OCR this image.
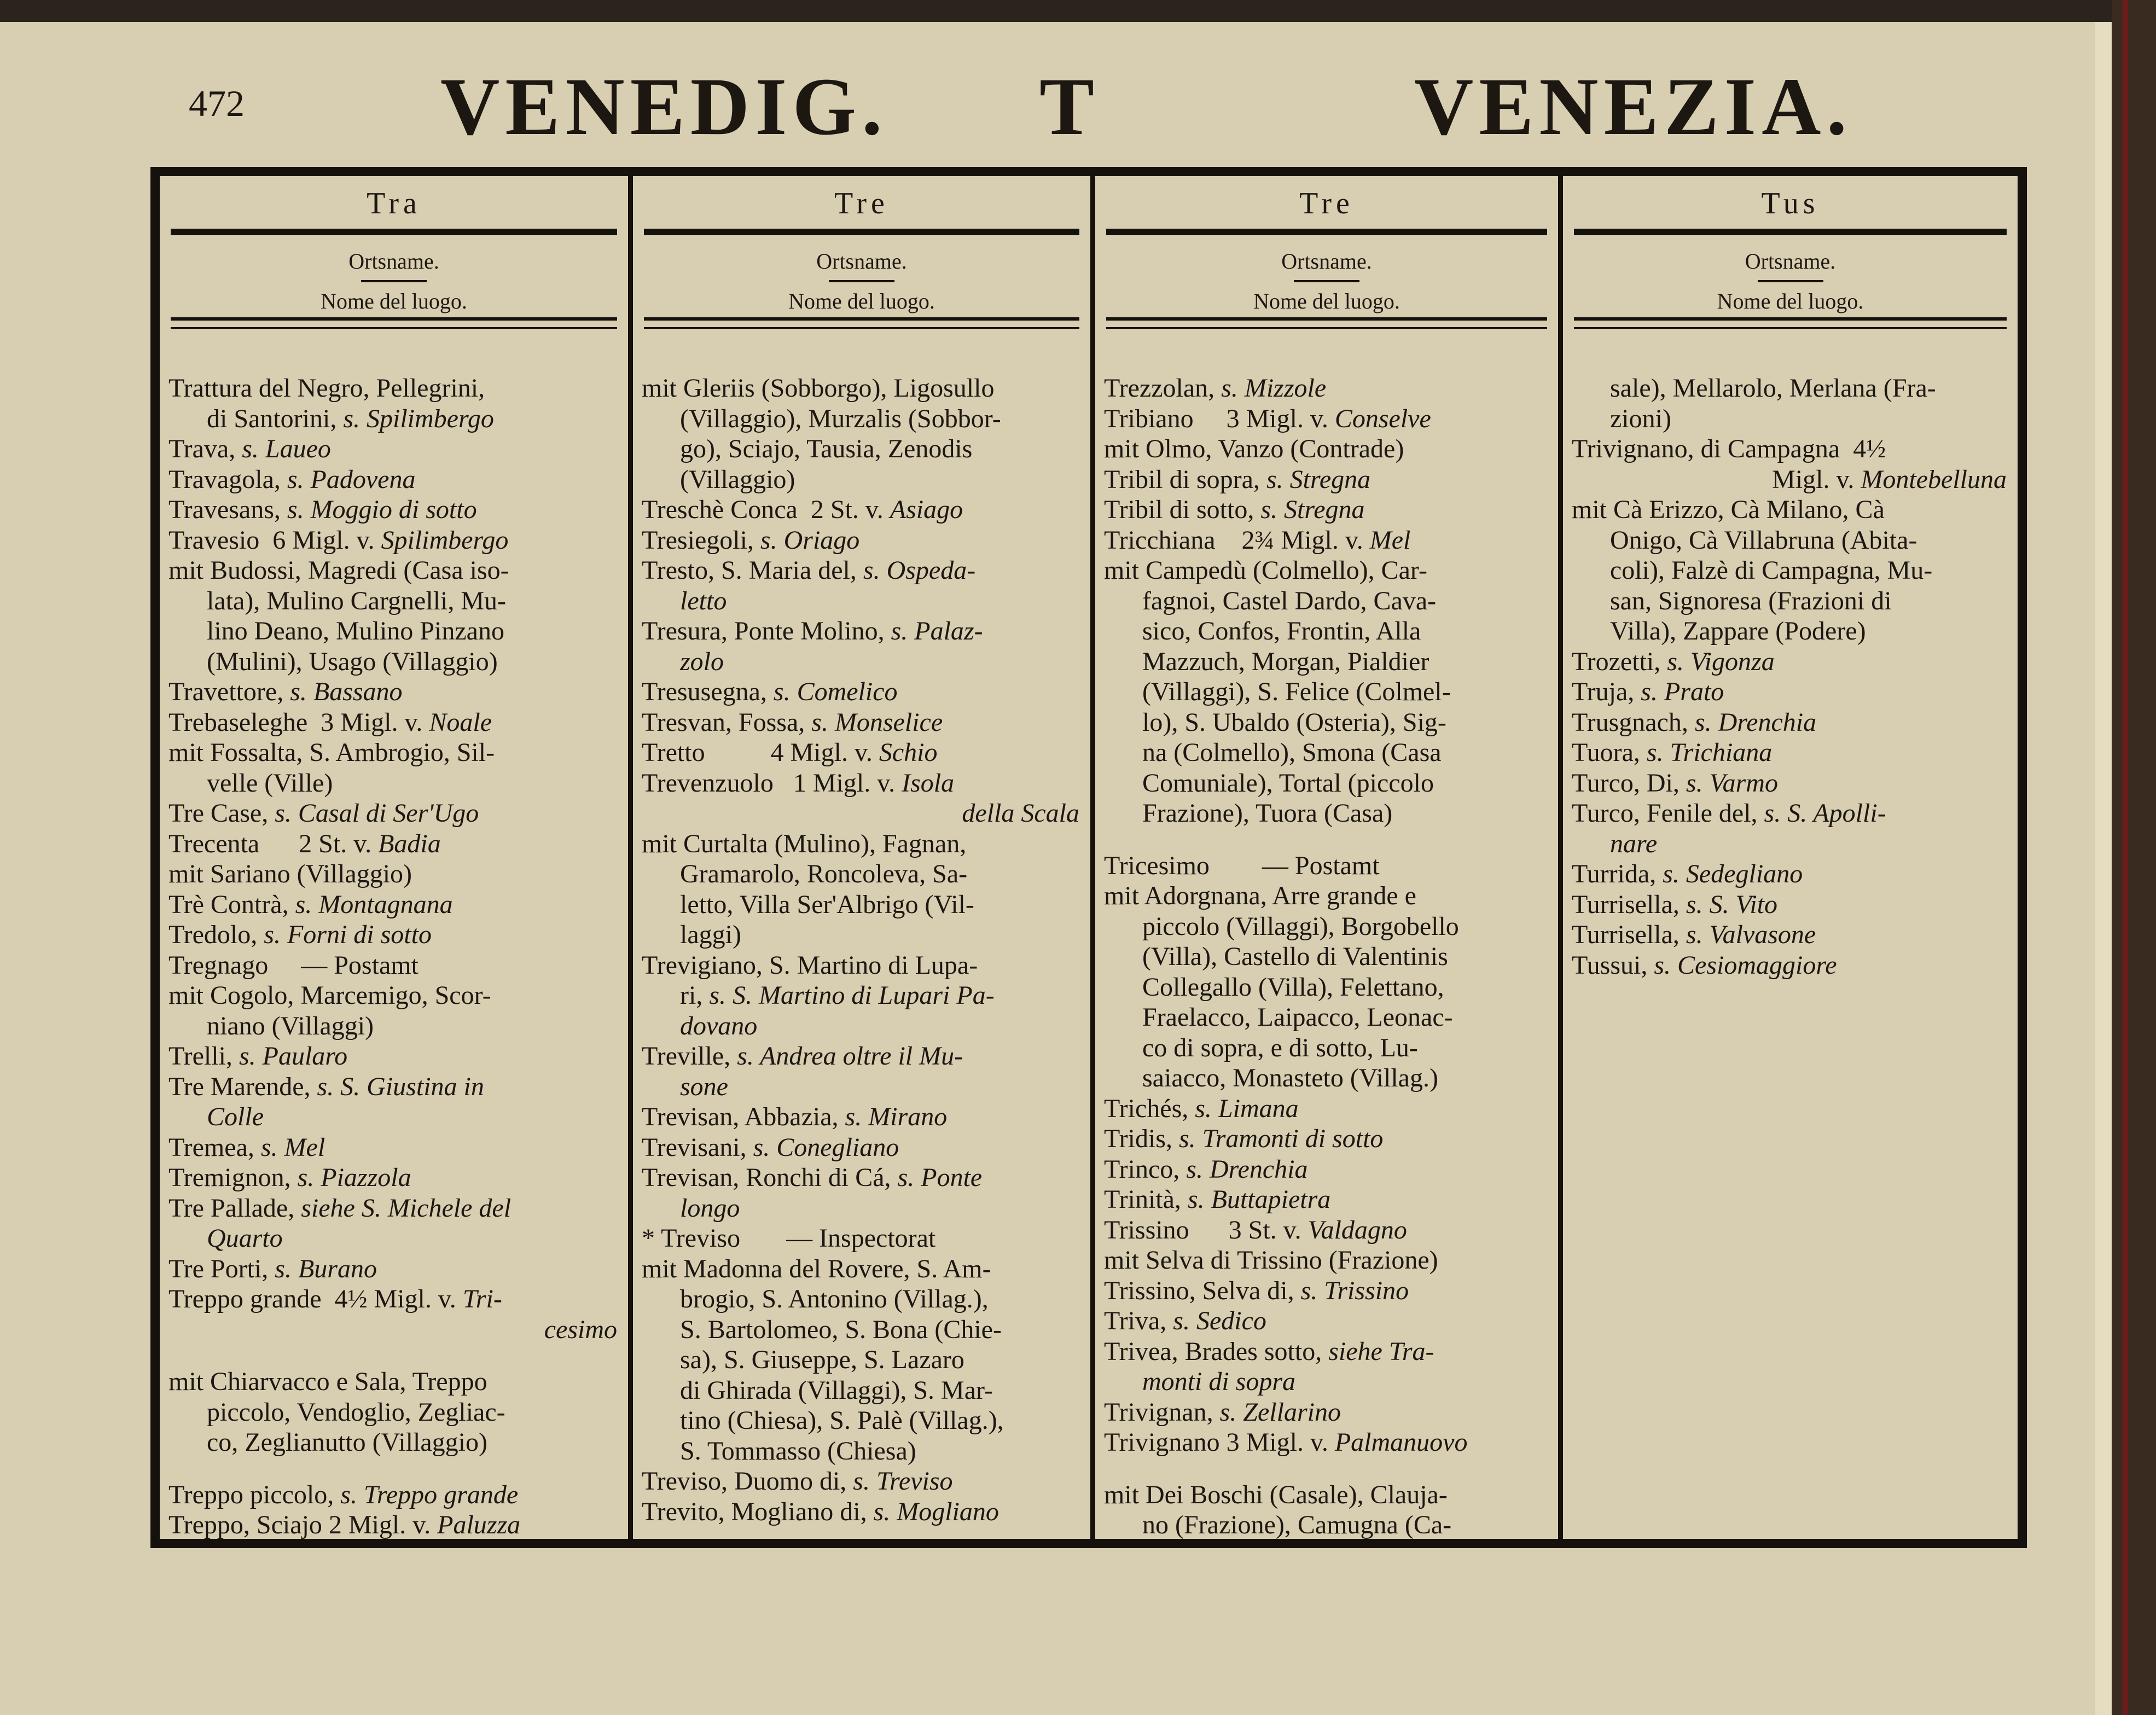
472 VENEDIG. T	VENEZIA.
Tra
Ortsname.
Nome del luogo.
Trattura del Negro, Pellegrini,
di Santorini, s. Spilimbergo
Trava, s. Laueo
Travagola, s. Padovena
Travesans, s. Moggio di sotto
Travesio  6 Migl. v. Spilimbergo
mit Budossi, Magredi (Casa iso-
lata), Mulino Cargnelli, Mu-
lino Deano, Mulino Pinzano
(Mulini), Usago (Villaggio)
Travettore, s. Bassano
Trebaseleghe  3 Migl. v. Noale
mit Fossalta, S. Ambrogio, Sil-
velle (Ville)
Tre Case, s. Casal di Ser'Ugo
Trecenta      2 St. v. Badia
mit Sariano (Villaggio)
Trè Contrà, s. Montagnana
Tredolo, s. Forni di sotto
Tregnago     — Postamt
mit Cogolo, Marcemigo, Scor-
niano (Villaggi)
Trelli, s. Paularo
Tre Marende, s. S. Giustina in
Colle
Tremea, s. Mel
Tremignon, s. Piazzola
Tre Pallade, siehe S. Michele del
Quarto
Tre Porti, s. Burano
Treppo grande  4½ Migl. v. Tri-
cesimo
mit Chiarvacco e Sala, Treppo
piccolo, Vendoglio, Zegliac-
co, Zeglianutto (Villaggio)
Treppo piccolo, s. Treppo grande
Treppo, Sciajo 2 Migl. v. Paluzza
Tre
Ortsname.
Nome del luogo.
mit Gleriis (Sobborgo), Ligosullo
(Villaggio), Murzalis (Sobbor-
go), Sciajo, Tausia, Zenodis
(Villaggio)
Treschè Conca  2 St. v. Asiago
Tresiegoli, s. Oriago
Tresto, S. Maria del, s. Ospeda-
letto
Tresura, Ponte Molino, s. Palaz-
zolo
Tresusegna, s. Comelico
Tresvan, Fossa, s. Monselice
Tretto          4 Migl. v. Schio
Trevenzuolo   1 Migl. v. Isola
della Scala
mit Curtalta (Mulino), Fagnan,
Gramarolo, Roncoleva, Sa-
letto, Villa Ser'Albrigo (Vil-
laggi)
Trevigiano, S. Martino di Lupa-
ri, s. S. Martino di Lupari Pa-
dovano
Treville, s. Andrea oltre il Mu-
sone
Trevisan, Abbazia, s. Mirano
Trevisani, s. Conegliano
Trevisan, Ronchi di Cá, s. Ponte
longo
* Treviso       — Inspectorat
mit Madonna del Rovere, S. Am-
brogio, S. Antonino (Villag.),
S. Bartolomeo, S. Bona (Chie-
sa), S. Giuseppe, S. Lazaro
di Ghirada (Villaggi), S. Mar-
tino (Chiesa), S. Palè (Villag.),
S. Tommasso (Chiesa)
Treviso, Duomo di, s. Treviso
Trevito, Mogliano di, s. Mogliano
Tre
Ortsname.
Nome del luogo.
Trezzolan, s. Mizzole
Tribiano     3 Migl. v. Conselve
mit Olmo, Vanzo (Contrade)
Tribil di sopra, s. Stregna
Tribil di sotto, s. Stregna
Tricchiana    2¾ Migl. v. Mel
mit Campedù (Colmello), Car-
fagnoi, Castel Dardo, Cava-
sico, Confos, Frontin, Alla
Mazzuch, Morgan, Pialdier
(Villaggi), S. Felice (Colmel-
lo), S. Ubaldo (Osteria), Sig-
na (Colmello), Smona (Casa
Comuniale), Tortal (piccolo
Frazione), Tuora (Casa)
Tricesimo        — Postamt
mit Adorgnana, Arre grande e
piccolo (Villaggi), Borgobello
(Villa), Castello di Valentinis
Collegallo (Villa), Felettano,
Fraelacco, Laipacco, Leonac-
co di sopra, e di sotto, Lu-
saiacco, Monasteto (Villag.)
Trichés, s. Limana
Tridis, s. Tramonti di sotto
Trinco, s. Drenchia
Trinità, s. Buttapietra
Trissino      3 St. v. Valdagno
mit Selva di Trissino (Frazione)
Trissino, Selva di, s. Trissino
Triva, s. Sedico
Trivea, Brades sotto, siehe Tra-
monti di sopra
Trivignan, s. Zellarino
Trivignano 3 Migl. v. Palmanuovo
mit Dei Boschi (Casale), Claujа-
no (Frazione), Camugna (Ca-
Tus
Ortsname.
Nome del luogo.
sale), Mellarolo, Merlana (Fra-
zioni)
Trivignano, di Campagna  4½
Migl. v. Montebelluna
mit Cà Erizzo, Cà Milano, Cà
Onigo, Cà Villabruna (Abita-
coli), Falzè di Campagna, Mu-
san, Signoresa (Frazioni di
Villa), Zappare (Podere)
Trozetti, s. Vigonza
Truja, s. Prato
Trusgnach, s. Drenchia
Tuora, s. Trichiana
Turco, Di, s. Varmo
Turco, Fenile del, s. S. Apolli-
nare
Turrida, s. Sedegliano
Turrisella, s. S. Vito
Turrisella, s. Valvasone
Tussui, s. Cesiomaggiore
